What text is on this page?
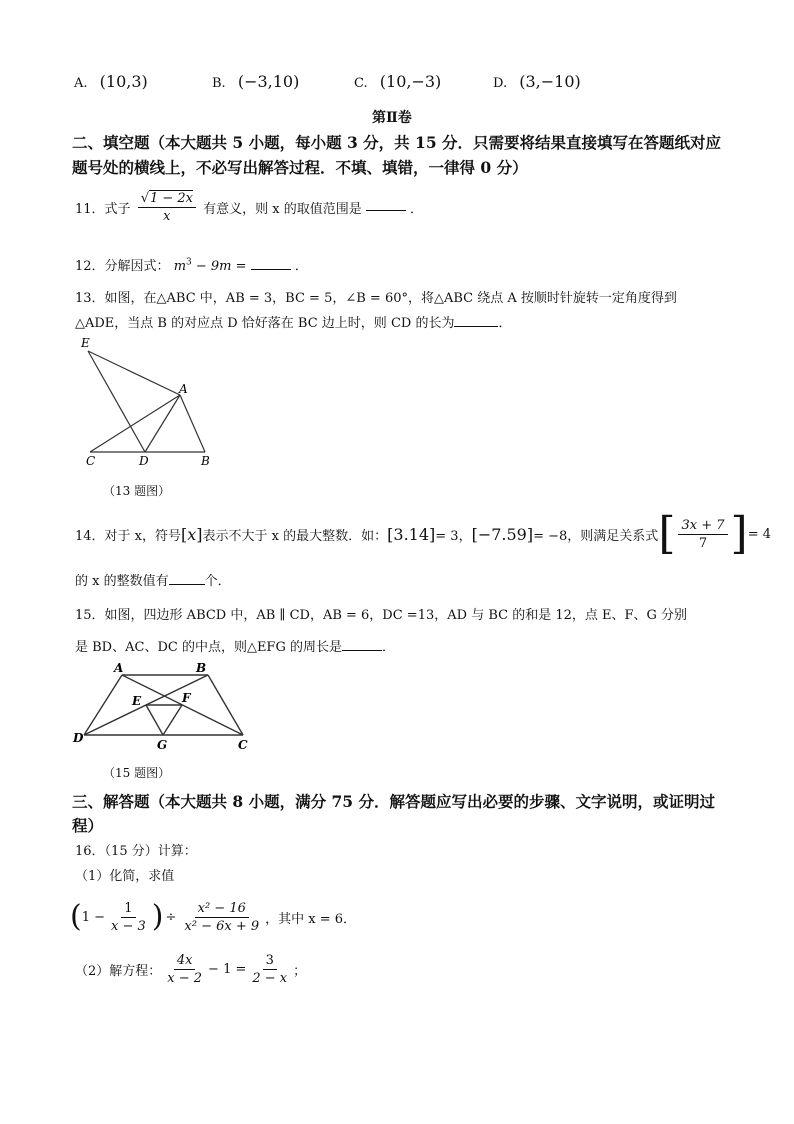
A. (10,3)	B. (−3,10)	C. (10,−3)	D. (3,−10)
第Ⅱ卷
二、填空题（本大题共 5 小题，每小题 3 分，共 15 分．只需要将结果直接填写在答题纸对应
题号处的横线上，不必写出解答过程．不填、填错，一律得 0 分）
11．式子 $\frac{√1 - 2x}{x}$ 有意义，则 x 的取值范围是	．
12．分解因式： $m^3 - 9m$ =	．
13．如图，在△ABC 中，AB = 3，BC = 5，∠B = 60°，将△ABC 绕点 A 按顺时针旋转一定角度得到
△ADE，当点 B 的对应点 D 恰好落在 BC 边上时，则 CD 的长为	．
E
A
C	D	B
（13 题图）
14．对于 x，符号 [x] 表示不大于 x 的最大整数．如： [3.14] = 3， [−7.59] = −8，则满足关系式 [ $\frac{3x + 7}{7}$ ] = 4
的 x 的整数值有	个．
15．如图，四边形 ABCD 中，AB ∥ CD，AB = 6，DC =13，AD 与 BC 的和是 12，点 E、F、G 分别
是 BD、AC、DC 的中点，则△EFG 的周长是	．
A	B
E	F
D	G	C
（15 题图）
三、解答题（本大题共 8 小题，满分 75 分．解答题应写出必要的步骤、文字说明，或证明过
程）
16．（15 分）计算：
（1）化简，求值
( $1 - \frac{1}{x - 3}$ ) ÷ $\frac{\text{x² − 16}}{\text{x² − 6x + 9}}$ ，其中 x = 6．
（2）解方程： $\frac{4x}{x - 2} - 1 = \frac{3}{2 - x}$ ；
